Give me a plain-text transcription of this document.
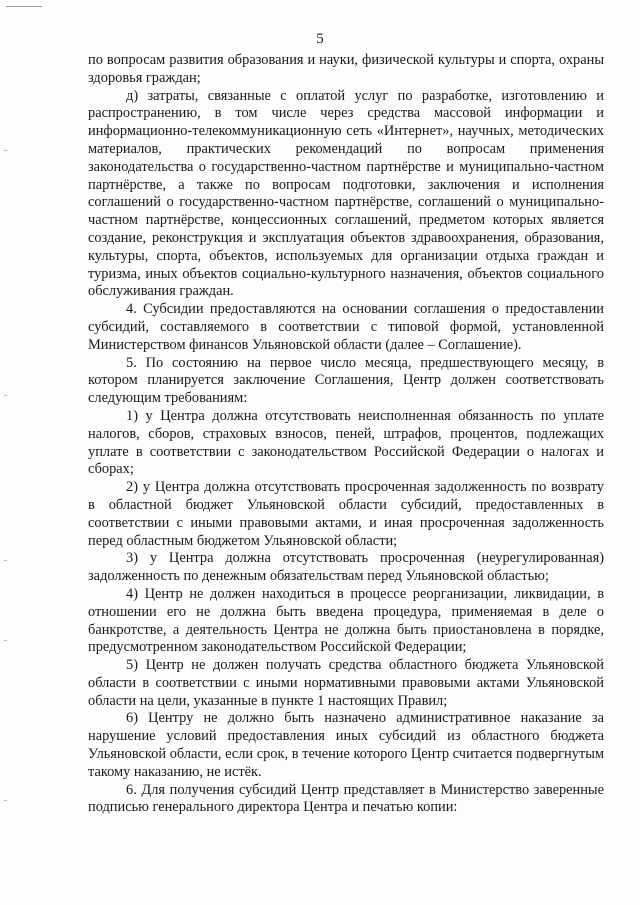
5

по вопросам развития образования и науки, физической культуры и спорта, охраны здоровья граждан;

д) затраты, связанные с оплатой услуг по разработке, изготовлению и распространению, в том числе через средства массовой информации и информационно-телекоммуникационную сеть «Интернет», научных, методических материалов, практических рекомендаций по вопросам применения законодательства о государственно-частном партнёрстве и муниципально-частном партнёрстве, а также по вопросам подготовки, заключения и исполнения соглашений о государственно-частном партнёрстве, соглашений о муниципально-частном партнёрстве, концессионных соглашений, предметом которых является создание, реконструкция и эксплуатация объектов здравоохранения, образования, культуры, спорта, объектов, используемых для организации отдыха граждан и туризма, иных объектов социально-культурного назначения, объектов социального обслуживания граждан.

4. Субсидии предоставляются на основании соглашения о предоставлении субсидий, составляемого в соответствии с типовой формой, установленной Министерством финансов Ульяновской области (далее – Соглашение).

5. По состоянию на первое число месяца, предшествующего месяцу, в котором планируется заключение Соглашения, Центр должен соответствовать следующим требованиям:

1) у Центра должна отсутствовать неисполненная обязанность по уплате налогов, сборов, страховых взносов, пеней, штрафов, процентов, подлежащих уплате в соответствии с законодательством Российской Федерации о налогах и сборах;

2) у Центра должна отсутствовать просроченная задолженность по возврату в областной бюджет Ульяновской области субсидий, предоставленных в соответствии с иными правовыми актами, и иная просроченная задолженность перед областным бюджетом Ульяновской области;

3) у Центра должна отсутствовать просроченная (неурегулированная) задолженность по денежным обязательствам перед Ульяновской областью;

4) Центр не должен находиться в процессе реорганизации, ликвидации, в отношении его не должна быть введена процедура, применяемая в деле о банкротстве, а деятельность Центра не должна быть приостановлена в порядке, предусмотренном законодательством Российской Федерации;

5) Центр не должен получать средства областного бюджета Ульяновской области в соответствии с иными нормативными правовыми актами Ульяновской области на цели, указанные в пункте 1 настоящих Правил;

6) Центру не должно быть назначено административное наказание за нарушение условий предоставления иных субсидий из областного бюджета Ульяновской области, если срок, в течение которого Центр считается подвергнутым такому наказанию, не истёк.

6. Для получения субсидий Центр представляет в Министерство заверенные подписью генерального директора Центра и печатью копии:
